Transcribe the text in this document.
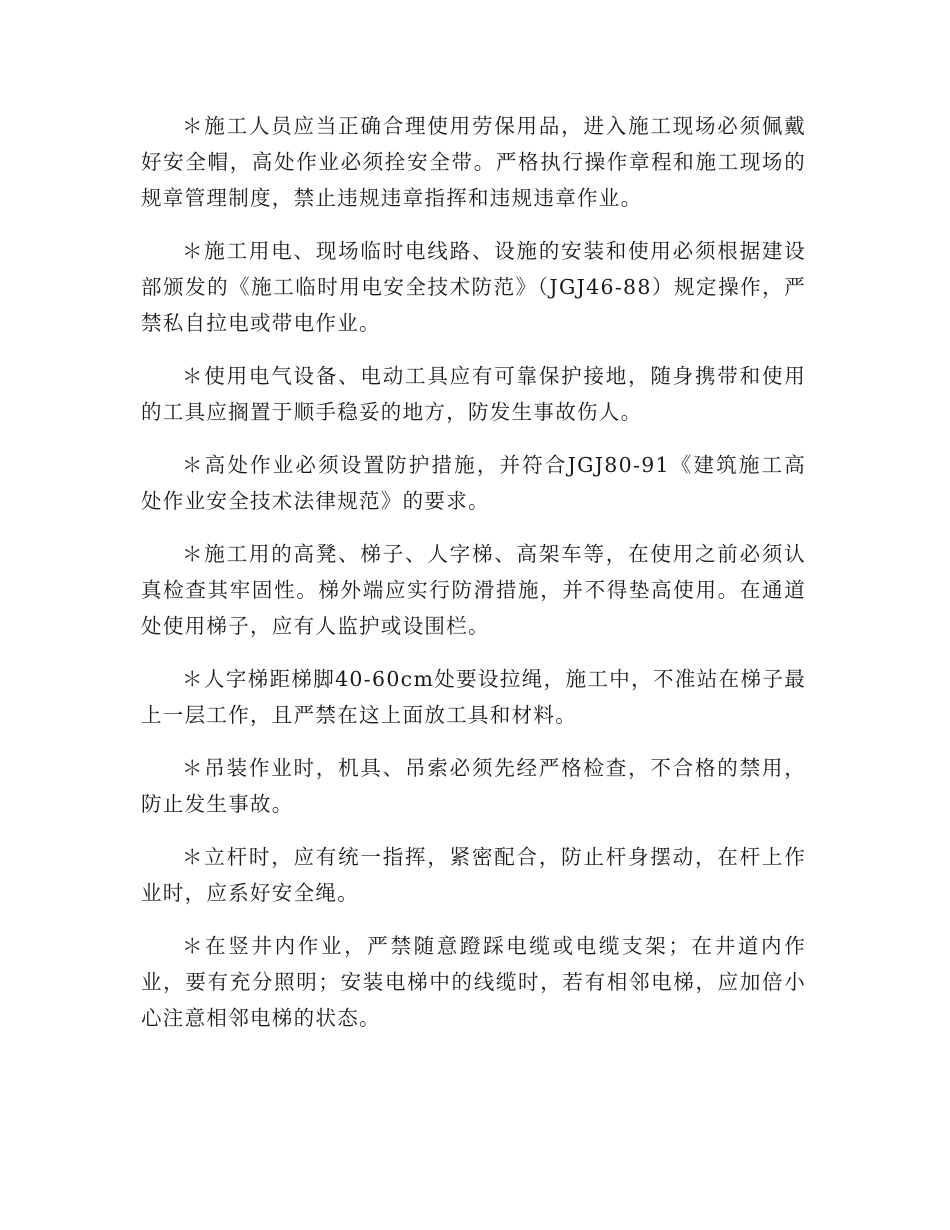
＊施工人员应当正确合理使用劳保用品，进入施工现场必须佩戴好安全帽，高处作业必须拴安全带。严格执行操作章程和施工现场的规章管理制度，禁止违规违章指挥和违规违章作业。

＊施工用电、现场临时电线路、设施的安装和使用必须根据建设部颁发的《施工临时用电安全技术防范》（JGJ46-88）规定操作，严禁私自拉电或带电作业。

＊使用电气设备、电动工具应有可靠保护接地，随身携带和使用的工具应搁置于顺手稳妥的地方，防发生事故伤人。

＊高处作业必须设置防护措施，并符合JGJ80-91《建筑施工高处作业安全技术法律规范》的要求。

＊施工用的高凳、梯子、人字梯、高架车等，在使用之前必须认真检查其牢固性。梯外端应实行防滑措施，并不得垫高使用。在通道处使用梯子，应有人监护或设围栏。

＊人字梯距梯脚40-60cm处要设拉绳，施工中，不准站在梯子最上一层工作，且严禁在这上面放工具和材料。

＊吊装作业时，机具、吊索必须先经严格检查，不合格的禁用，防止发生事故。

＊立杆时，应有统一指挥，紧密配合，防止杆身摆动，在杆上作业时，应系好安全绳。

＊在竖井内作业，严禁随意蹬踩电缆或电缆支架；在井道内作业，要有充分照明；安装电梯中的线缆时，若有相邻电梯，应加倍小心注意相邻电梯的状态。
